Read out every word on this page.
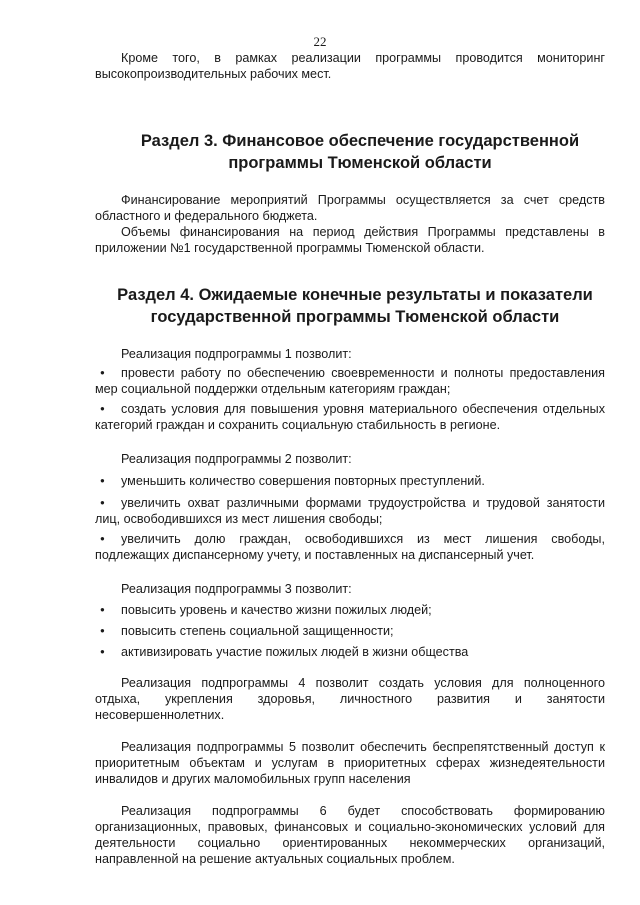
22

Кроме того, в рамках реализации программы проводится мониторинг высокопроизводительных рабочих мест.

Раздел 3. Финансовое обеспечение государственной программы Тюменской области

Финансирование мероприятий Программы осуществляется за счет средств областного и федерального бюджета.

Объемы финансирования на период действия Программы представлены в приложении №1 государственной программы Тюменской области.

Раздел 4. Ожидаемые конечные результаты и показатели государственной программы Тюменской области

Реализация подпрограммы 1 позволит:

● провести работу по обеспечению своевременности и полноты предоставления мер социальной поддержки отдельным категориям граждан;
● создать условия для повышения уровня материального обеспечения отдельных категорий граждан и сохранить социальную стабильность в регионе.

Реализация подпрограммы 2 позволит:

● уменьшить количество совершения повторных преступлений.
● увеличить охват различными формами трудоустройства и трудовой занятости лиц, освободившихся из мест лишения свободы;
● увеличить долю граждан, освободившихся из мест лишения свободы, подлежащих диспансерному учету, и поставленных на диспансерный учет.

Реализация подпрограммы 3 позволит:

● повысить уровень и качество жизни пожилых людей;
● повысить степень социальной защищенности;
● активизировать участие пожилых людей в жизни общества

Реализация подпрограммы 4 позволит создать условия для полноценного отдыха, укрепления здоровья, личностного развития и занятости несовершеннолетних.

Реализация подпрограммы 5 позволит обеспечить беспрепятственный доступ к приоритетным объектам и услугам в приоритетных сферах жизнедеятельности инвалидов и других маломобильных групп населения

Реализация подпрограммы 6 будет способствовать формированию организационных, правовых, финансовых и социально-экономических условий для деятельности социально ориентированных некоммерческих организаций, направленной на решение актуальных социальных проблем.
